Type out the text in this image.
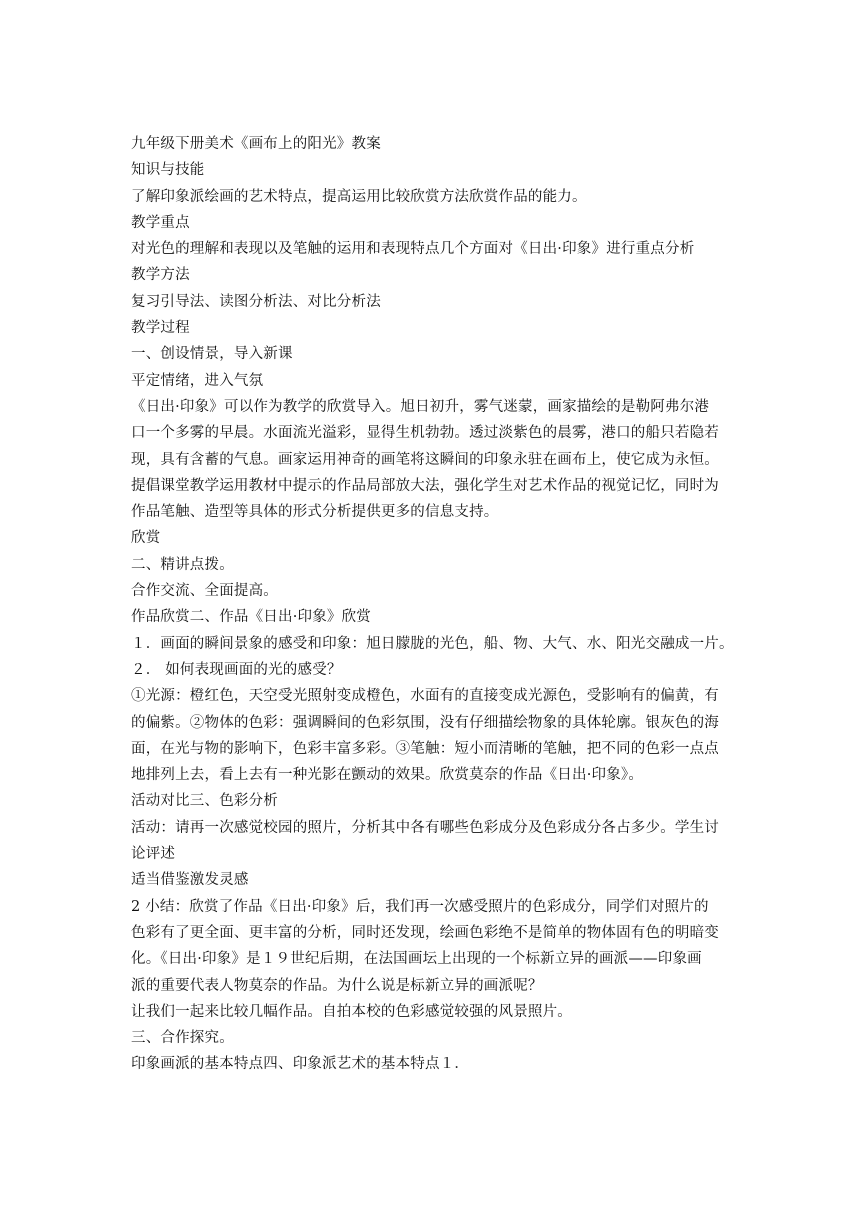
九年级下册美术《画布上的阳光》教案
知识与技能
了解印象派绘画的艺术特点，提高运用比较欣赏方法欣赏作品的能力。
教学重点
对光色的理解和表现以及笔触的运用和表现特点几个方面对《日出·印象》进行重点分析
教学方法
复习引导法、读图分析法、对比分析法
教学过程
一、创设情景，导入新课
平定情绪，进入气氛
《日出·印象》可以作为教学的欣赏导入。旭日初升，雾气迷蒙，画家描绘的是勒阿弗尔港
口一个多雾的早晨。水面流光溢彩，显得生机勃勃。透过淡紫色的晨雾，港口的船只若隐若
现，具有含蓄的气息。画家运用神奇的画笔将这瞬间的印象永驻在画布上，使它成为永恒。
提倡课堂教学运用教材中提示的作品局部放大法，强化学生对艺术作品的视觉记忆，同时为
作品笔触、造型等具体的形式分析提供更多的信息支持。
欣赏
二、精讲点拨。
合作交流、全面提高。
作品欣赏二、作品《日出·印象》欣赏
１．画面的瞬间景象的感受和印象：旭日朦胧的光色，船、物、大气、水、阳光交融成一片。
２． 如何表现画面的光的感受？
①光源：橙红色，天空受光照射变成橙色，水面有的直接变成光源色，受影响有的偏黄，有
的偏紫。②物体的色彩：强调瞬间的色彩氛围，没有仔细描绘物象的具体轮廓。银灰色的海
面，在光与物的影响下，色彩丰富多彩。③笔触：短小而清晰的笔触，把不同的色彩一点点
地排列上去，看上去有一种光影在颤动的效果。欣赏莫奈的作品《日出·印象》。
活动对比三、色彩分析
活动：请再一次感觉校园的照片，分析其中各有哪些色彩成分及色彩成分各占多少。学生讨
论评述
适当借鉴激发灵感
2 小结：欣赏了作品《日出·印象》后，我们再一次感受照片的色彩成分，同学们对照片的
色彩有了更全面、更丰富的分析，同时还发现，绘画色彩绝不是简单的物体固有色的明暗变
化。《日出·印象》是１９世纪后期，在法国画坛上出现的一个标新立异的画派——印象画
派的重要代表人物莫奈的作品。为什么说是标新立异的画派呢？
让我们一起来比较几幅作品。自拍本校的色彩感觉较强的风景照片。
三、合作探究。
印象画派的基本特点四、印象派艺术的基本特点１．
